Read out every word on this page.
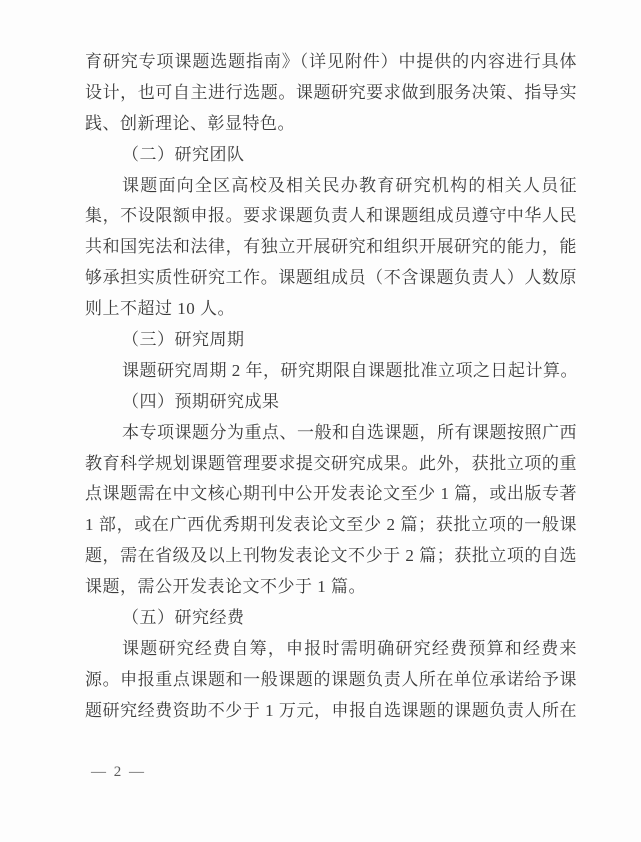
育研究专项课题选题指南》（详见附件）中提供的内容进行具体
设计，也可自主进行选题。课题研究要求做到服务决策、指导实
践、创新理论、彰显特色。
（二）研究团队
课题面向全区高校及相关民办教育研究机构的相关人员征
集，不设限额申报。要求课题负责人和课题组成员遵守中华人民
共和国宪法和法律，有独立开展研究和组织开展研究的能力，能
够承担实质性研究工作。课题组成员（不含课题负责人）人数原
则上不超过 10 人。
（三）研究周期
课题研究周期 2 年，研究期限自课题批准立项之日起计算。
（四）预期研究成果
本专项课题分为重点、一般和自选课题，所有课题按照广西
教育科学规划课题管理要求提交研究成果。此外，获批立项的重
点课题需在中文核心期刊中公开发表论文至少 1 篇，或出版专著
1 部，或在广西优秀期刊发表论文至少 2 篇；获批立项的一般课
题，需在省级及以上刊物发表论文不少于 2 篇；获批立项的自选
课题，需公开发表论文不少于 1 篇。
（五）研究经费
课题研究经费自筹，申报时需明确研究经费预算和经费来
源。申报重点课题和一般课题的课题负责人所在单位承诺给予课
题研究经费资助不少于 1 万元，申报自选课题的课题负责人所在
— 2 —
